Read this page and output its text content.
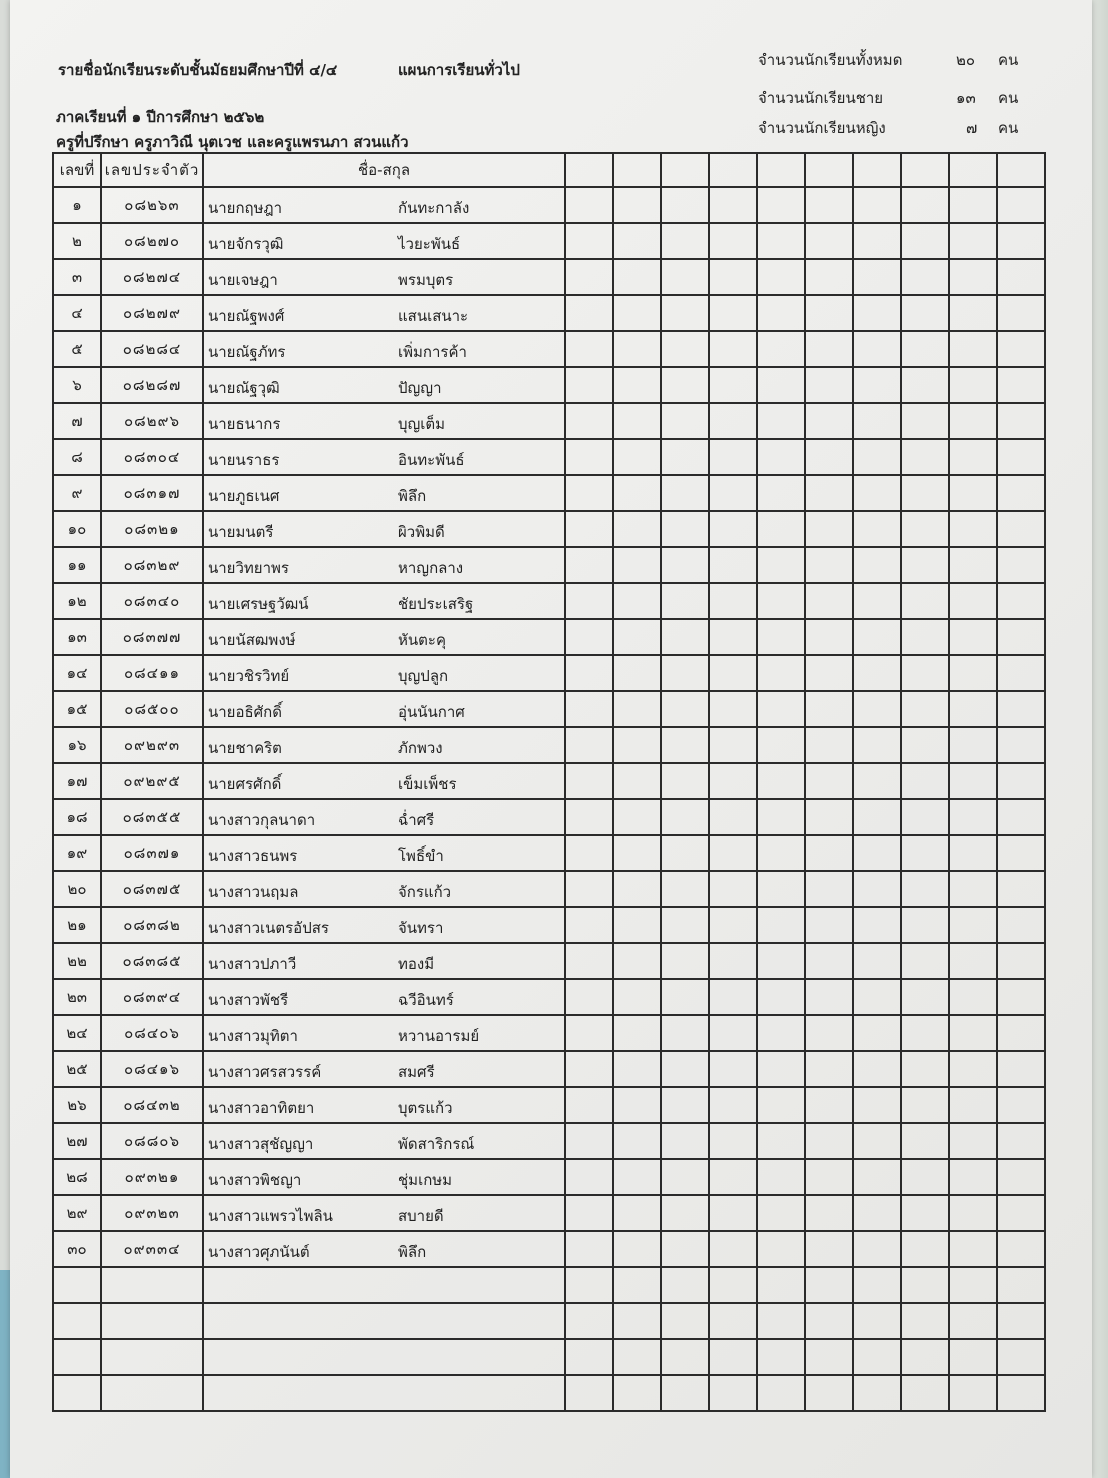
รายชื่อนักเรียนระดับชั้นมัธยมศึกษาปีที่ ๔/๔	แผนการเรียนทั่วไป
ภาคเรียนที่ ๑ ปีการศึกษา ๒๕๖๒
ครูที่ปรึกษา ครูภาวิณี นุตเวช และครูแพรนภา สวนแก้ว
จำนวนนักเรียนทั้งหมด	๒๐ คน
จำนวนนักเรียนชาย	๑๓ คน
จำนวนนักเรียนหญิง	๗ คน
เลขที่	เลขประจำตัว	ชื่อ-สกุล										
๑	๐๘๒๖๓	นายกฤษฎา กันทะกาลัง										

๒	๐๘๒๗๐	นายจักรวุฒิ ไวยะพันธ์										

๓	๐๘๒๗๔	นายเจษฎา พรมบุตร										

๔	๐๘๒๗๙	นายณัฐพงศ์ แสนเสนาะ										

๕	๐๘๒๘๔	นายณัฐภัทร เพิ่มการค้า										

๖	๐๘๒๘๗	นายณัฐวุฒิ ปัญญา										

๗	๐๘๒๙๖	นายธนากร บุญเต็ม										

๘	๐๘๓๐๔	นายนราธร อินทะพันธ์										

๙	๐๘๓๑๗	นายภูธเนศ พิลึก										

๑๐	๐๘๓๒๑	นายมนตรี ผิวพิมดี										

๑๑	๐๘๓๒๙	นายวิทยาพร หาญกลาง										

๑๒	๐๘๓๔๐	นายเศรษฐวัฒน์ ชัยประเสริฐ										

๑๓	๐๘๓๗๗	นายนัสฒพงษ์ หันตะคุ										

๑๔	๐๘๔๑๑	นายวชิรวิทย์ บุญปลูก										

๑๕	๐๘๕๐๐	นายอธิศักดิ์ อุ่นนันกาศ										

๑๖	๐๙๒๙๓	นายชาคริต ภักพวง										

๑๗	๐๙๒๙๕	นายศรศักดิ์ เข็มเพ็ชร										

๑๘	๐๘๓๕๕	นางสาวกุลนาดา ฉ่ำศรี										

๑๙	๐๘๓๗๑	นางสาวธนพร โพธิ์ขำ										

๒๐	๐๘๓๗๕	นางสาวนฤมล จักรแก้ว										

๒๑	๐๘๓๘๒	นางสาวเนตรอัปสร จันทรา										

๒๒	๐๘๓๘๕	นางสาวปภาวี ทองมี										

๒๓	๐๘๓๙๔	นางสาวพัชรี ฉวีอินทร์										

๒๔	๐๘๔๐๖	นางสาวมุทิตา หวานอารมย์										

๒๕	๐๘๔๑๖	นางสาวศรสวรรค์ สมศรี										

๒๖	๐๘๔๓๒	นางสาวอาทิตยา บุตรแก้ว										

๒๗	๐๘๘๐๖	นางสาวสุชัญญา พัดสาริกรณ์										

๒๘	๐๙๓๒๑	นางสาวพิชญา ชุ่มเกษม										

๒๙	๐๙๓๒๓	นางสาวแพรวไพลิน สบายดี										

๓๐	๐๙๓๓๔	นางสาวศุภนันต์ พิลึก										
